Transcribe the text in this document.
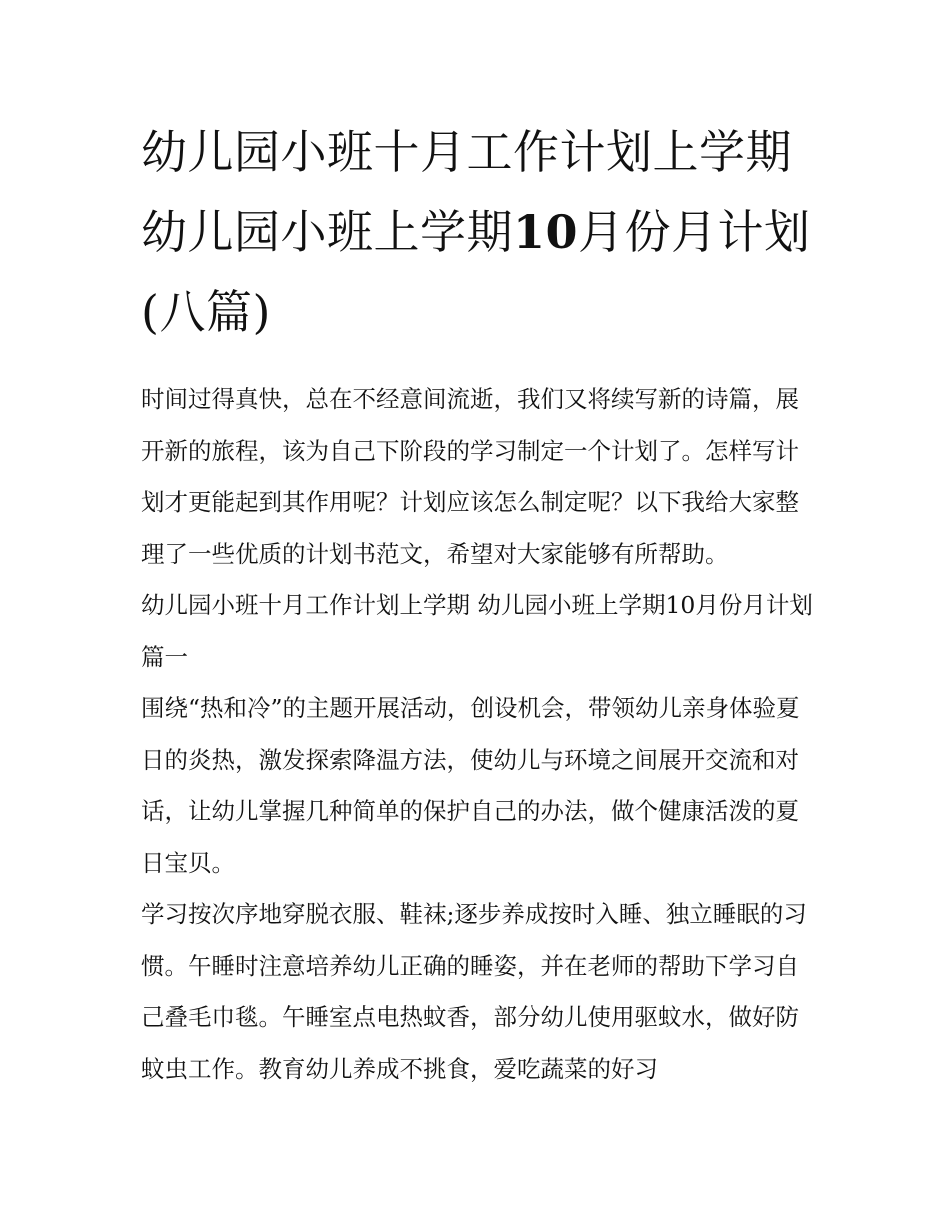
幼儿园小班十月工作计划上学期 幼儿园小班上学期10月份月计划(八篇)

时间过得真快，总在不经意间流逝，我们又将续写新的诗篇，展开新的旅程，该为自己下阶段的学习制定一个计划了。怎样写计划才更能起到其作用呢？计划应该怎么制定呢？以下我给大家整理了一些优质的计划书范文，希望对大家能够有所帮助。

幼儿园小班十月工作计划上学期 幼儿园小班上学期10月份月计划篇一

围绕“热和冷”的主题开展活动，创设机会，带领幼儿亲身体验夏日的炎热，激发探索降温方法，使幼儿与环境之间展开交流和对话，让幼儿掌握几种简单的保护自己的办法，做个健康活泼的夏日宝贝。

学习按次序地穿脱衣服、鞋袜;逐步养成按时入睡、独立睡眠的习惯。午睡时注意培养幼儿正确的睡姿，并在老师的帮助下学习自己叠毛巾毯。午睡室点电热蚊香，部分幼儿使用驱蚊水，做好防蚊虫工作。教育幼儿养成不挑食，爱吃蔬菜的好习
